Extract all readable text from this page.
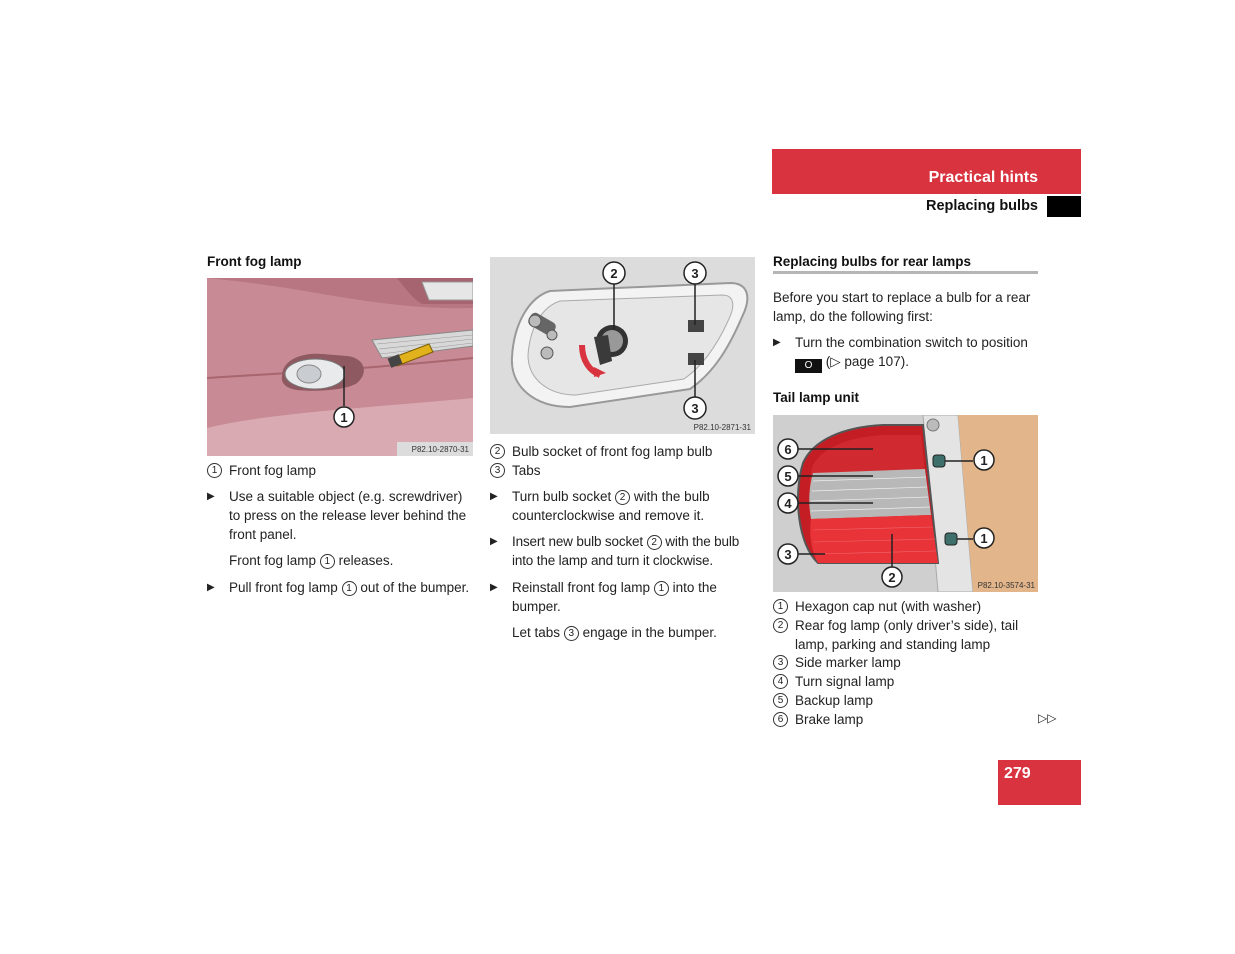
Practical hints
Replacing bulbs
Front fog lamp
1
P82.10-2870-31
1 Front fog lamp
▶ Use a suitable object (e.g. screwdriver) to press on the release lever behind the front panel.
Front fog lamp 1 releases.
▶ Pull front fog lamp 1 out of the bumper.
2	3
3
P82.10-2871-31
2 Bulb socket of front fog lamp bulb
3 Tabs
▶ Turn bulb socket 2 with the bulb counterclockwise and remove it.
▶ Insert new bulb socket 2 with the bulb into the lamp and turn it clockwise.
▶ Reinstall front fog lamp 1 into the bumper.
Let tabs 3 engage in the bumper.
Replacing bulbs for rear lamps
Before you start to replace a bulb for a rear lamp, do the following first:
▶ Turn the combination switch to position O (▷ page 107).
Tail lamp unit
6
5
4
3
2
1
1
P82.10-3574-31
1 Hexagon cap nut (with washer)
2 Rear fog lamp (only driver’s side), tail lamp, parking and standing lamp
3 Side marker lamp
4 Turn signal lamp
5 Backup lamp
6 Brake lamp	▷▷
279
